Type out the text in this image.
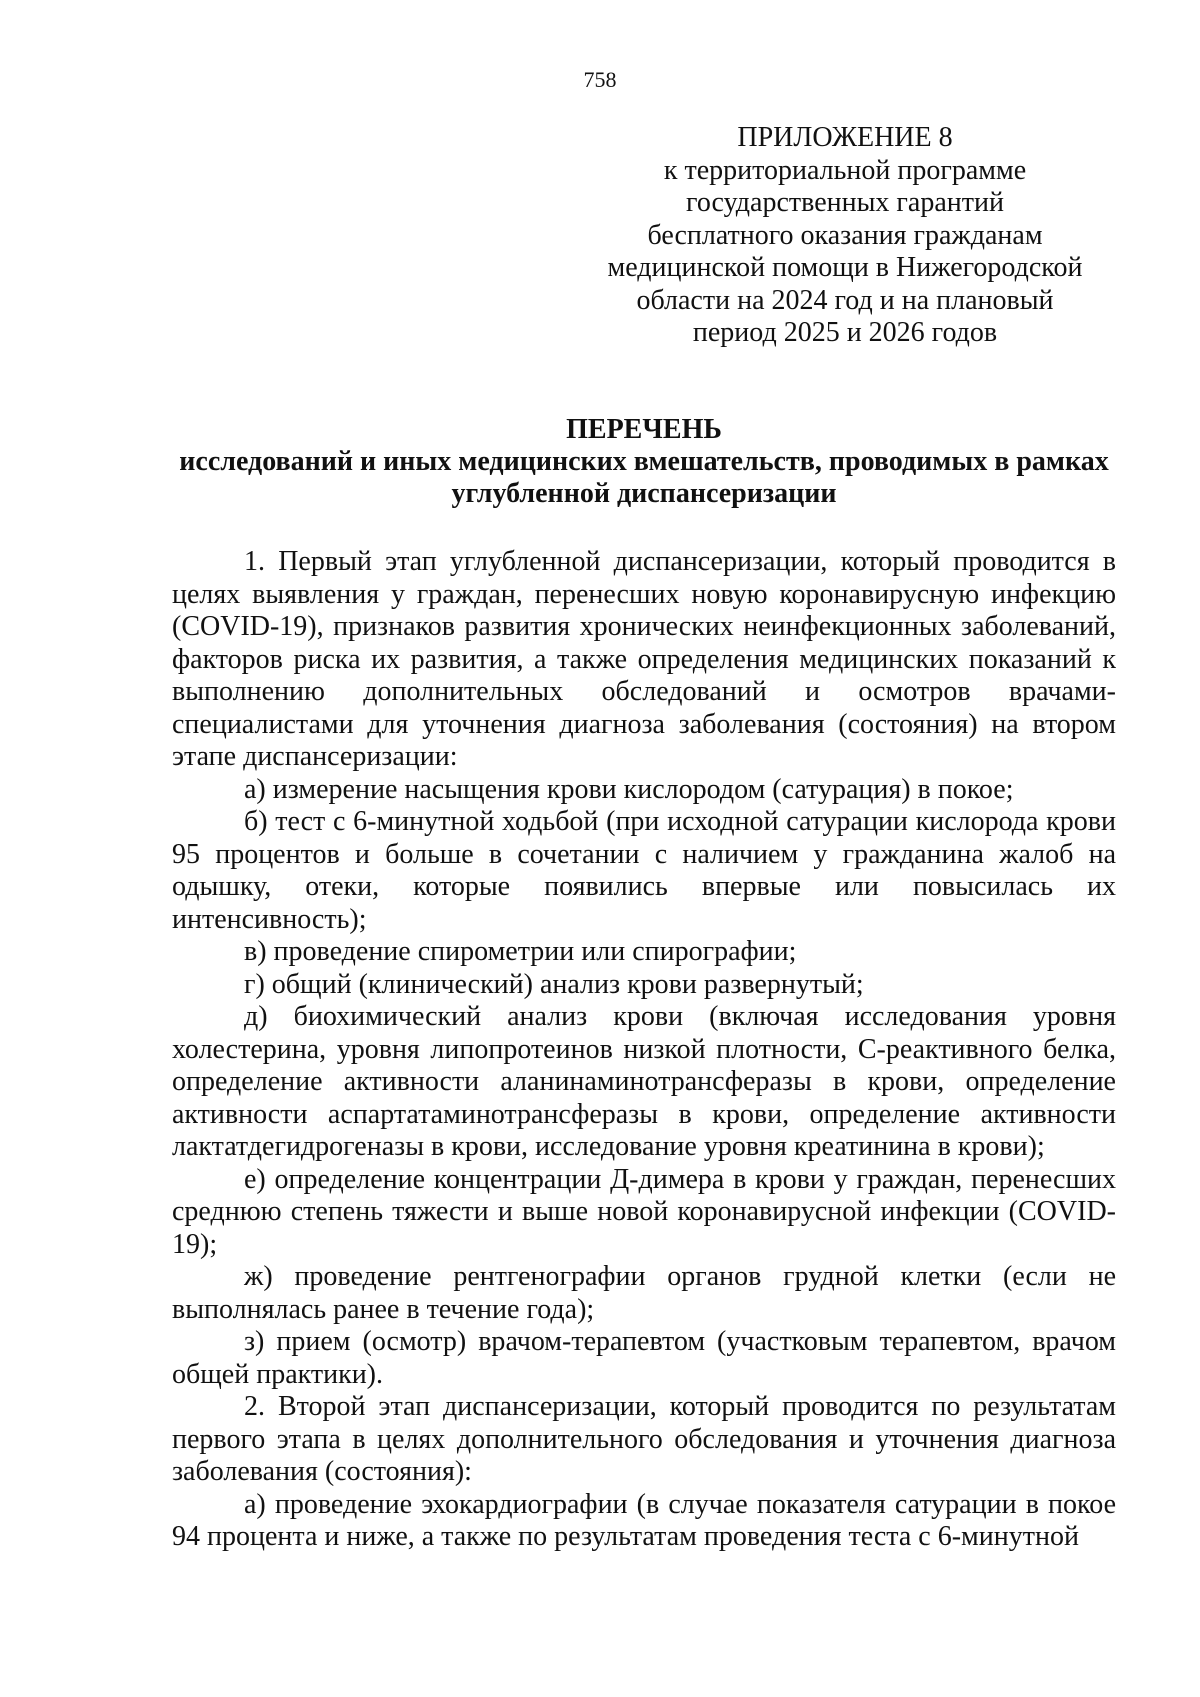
758
ПРИЛОЖЕНИЕ 8
к территориальной программе
государственных гарантий
бесплатного оказания гражданам
медицинской помощи в Нижегородской
области на 2024 год и на плановый
период 2025 и 2026 годов
ПЕРЕЧЕНЬ
исследований и иных медицинских вмешательств, проводимых в рамках
углубленной диспансеризации

1. Первый этап углубленной диспансеризации, который проводится в целях выявления у граждан, перенесших новую коронавирусную инфекцию (COVID-19), признаков развития хронических неинфекционных заболеваний, факторов риска их развития, а также определения медицинских показаний к выполнению дополнительных обследований и осмотров врачами-специалистами для уточнения диагноза заболевания (состояния) на втором этапе диспансеризации:

а) измерение насыщения крови кислородом (сатурация) в покое;

б) тест с 6-минутной ходьбой (при исходной сатурации кислорода крови 95 процентов и больше в сочетании с наличием у гражданина жалоб на одышку, отеки, которые появились впервые или повысилась их интенсивность);

в) проведение спирометрии или спирографии;

г) общий (клинический) анализ крови развернутый;

д) биохимический анализ крови (включая исследования уровня холестерина, уровня липопротеинов низкой плотности, С-реактивного белка, определение активности аланинаминотрансферазы в крови, определение активности аспартатаминотрансферазы в крови, определение активности лактатдегидрогеназы в крови, исследование уровня креатинина в крови);

е) определение концентрации Д-димера в крови у граждан, перенесших среднюю степень тяжести и выше новой коронавирусной инфекции (COVID-19);

ж) проведение рентгенографии органов грудной клетки (если не выполнялась ранее в течение года);

з) прием (осмотр) врачом-терапевтом (участковым терапевтом, врачом общей практики).

2. Второй этап диспансеризации, который проводится по результатам первого этапа в целях дополнительного обследования и уточнения диагноза заболевания (состояния):

а) проведение эхокардиографии (в случае показателя сатурации в покое 94 процента и ниже, а также по результатам проведения теста с 6-минутной
